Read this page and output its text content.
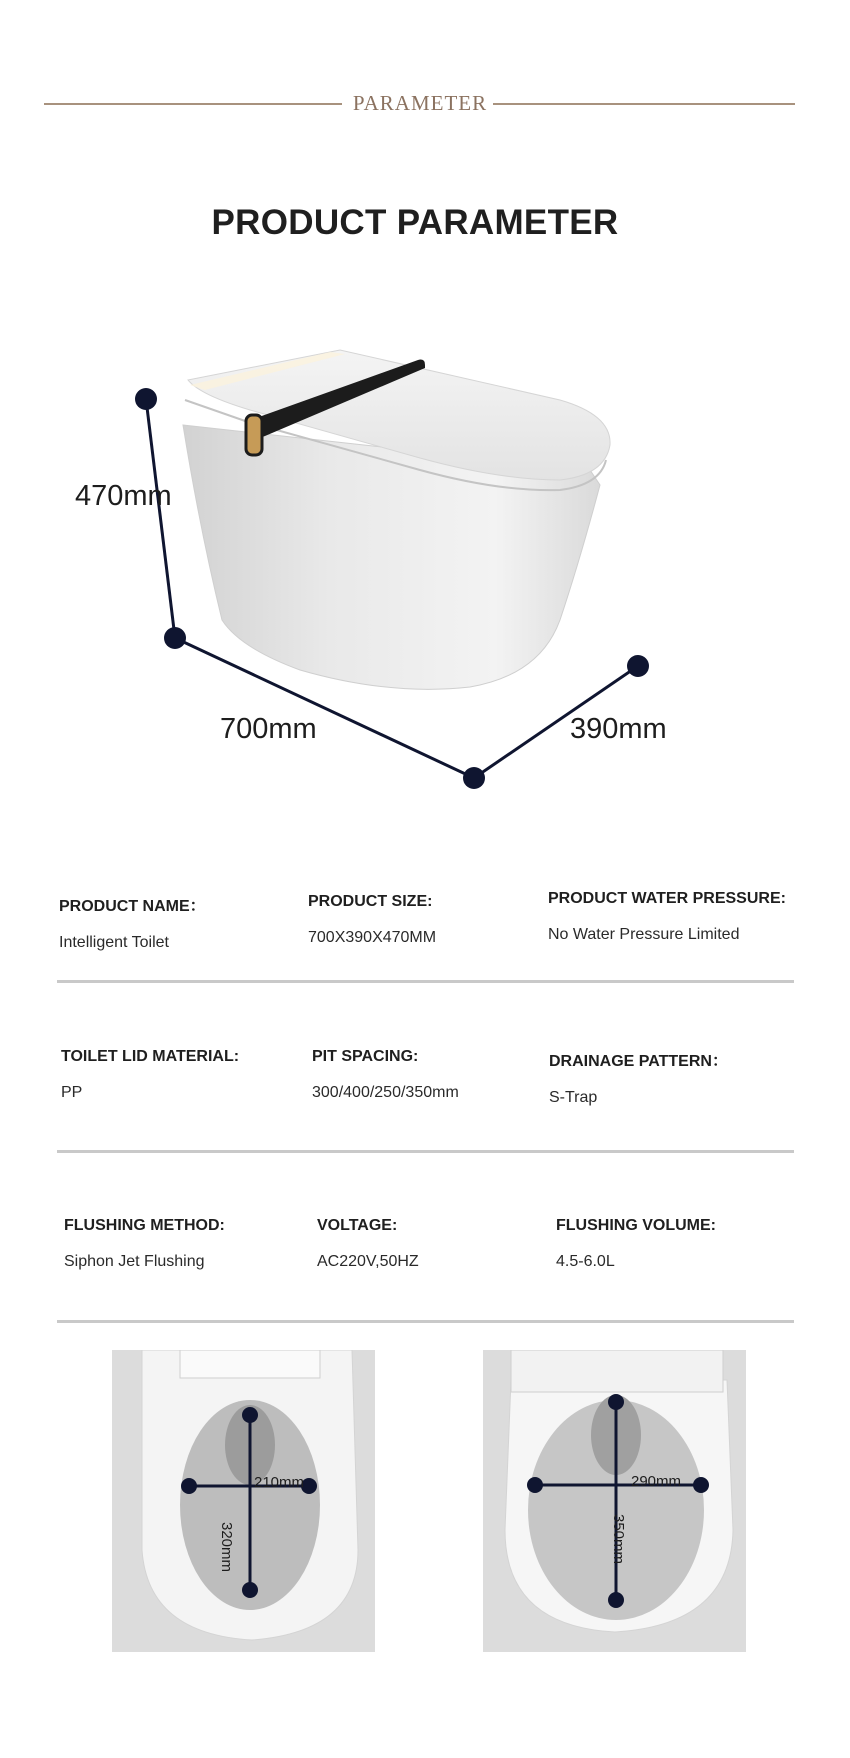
PARAMETER
PRODUCT PARAMETER
470mm
700mm	390mm
PRODUCT NAME：
Intelligent Toilet
PRODUCT SIZE:
700X390X470MM
PRODUCT WATER PRESSURE:
No Water Pressure Limited
TOILET LID MATERIAL:
PP
PIT SPACING:
300/400/250/350mm
DRAINAGE PATTERN：
S-Trap
FLUSHING METHOD:
Siphon Jet Flushing
VOLTAGE:
AC220V,50HZ
FLUSHING VOLUME:
4.5-6.0L
210mm
320mm
290mm
350mm
